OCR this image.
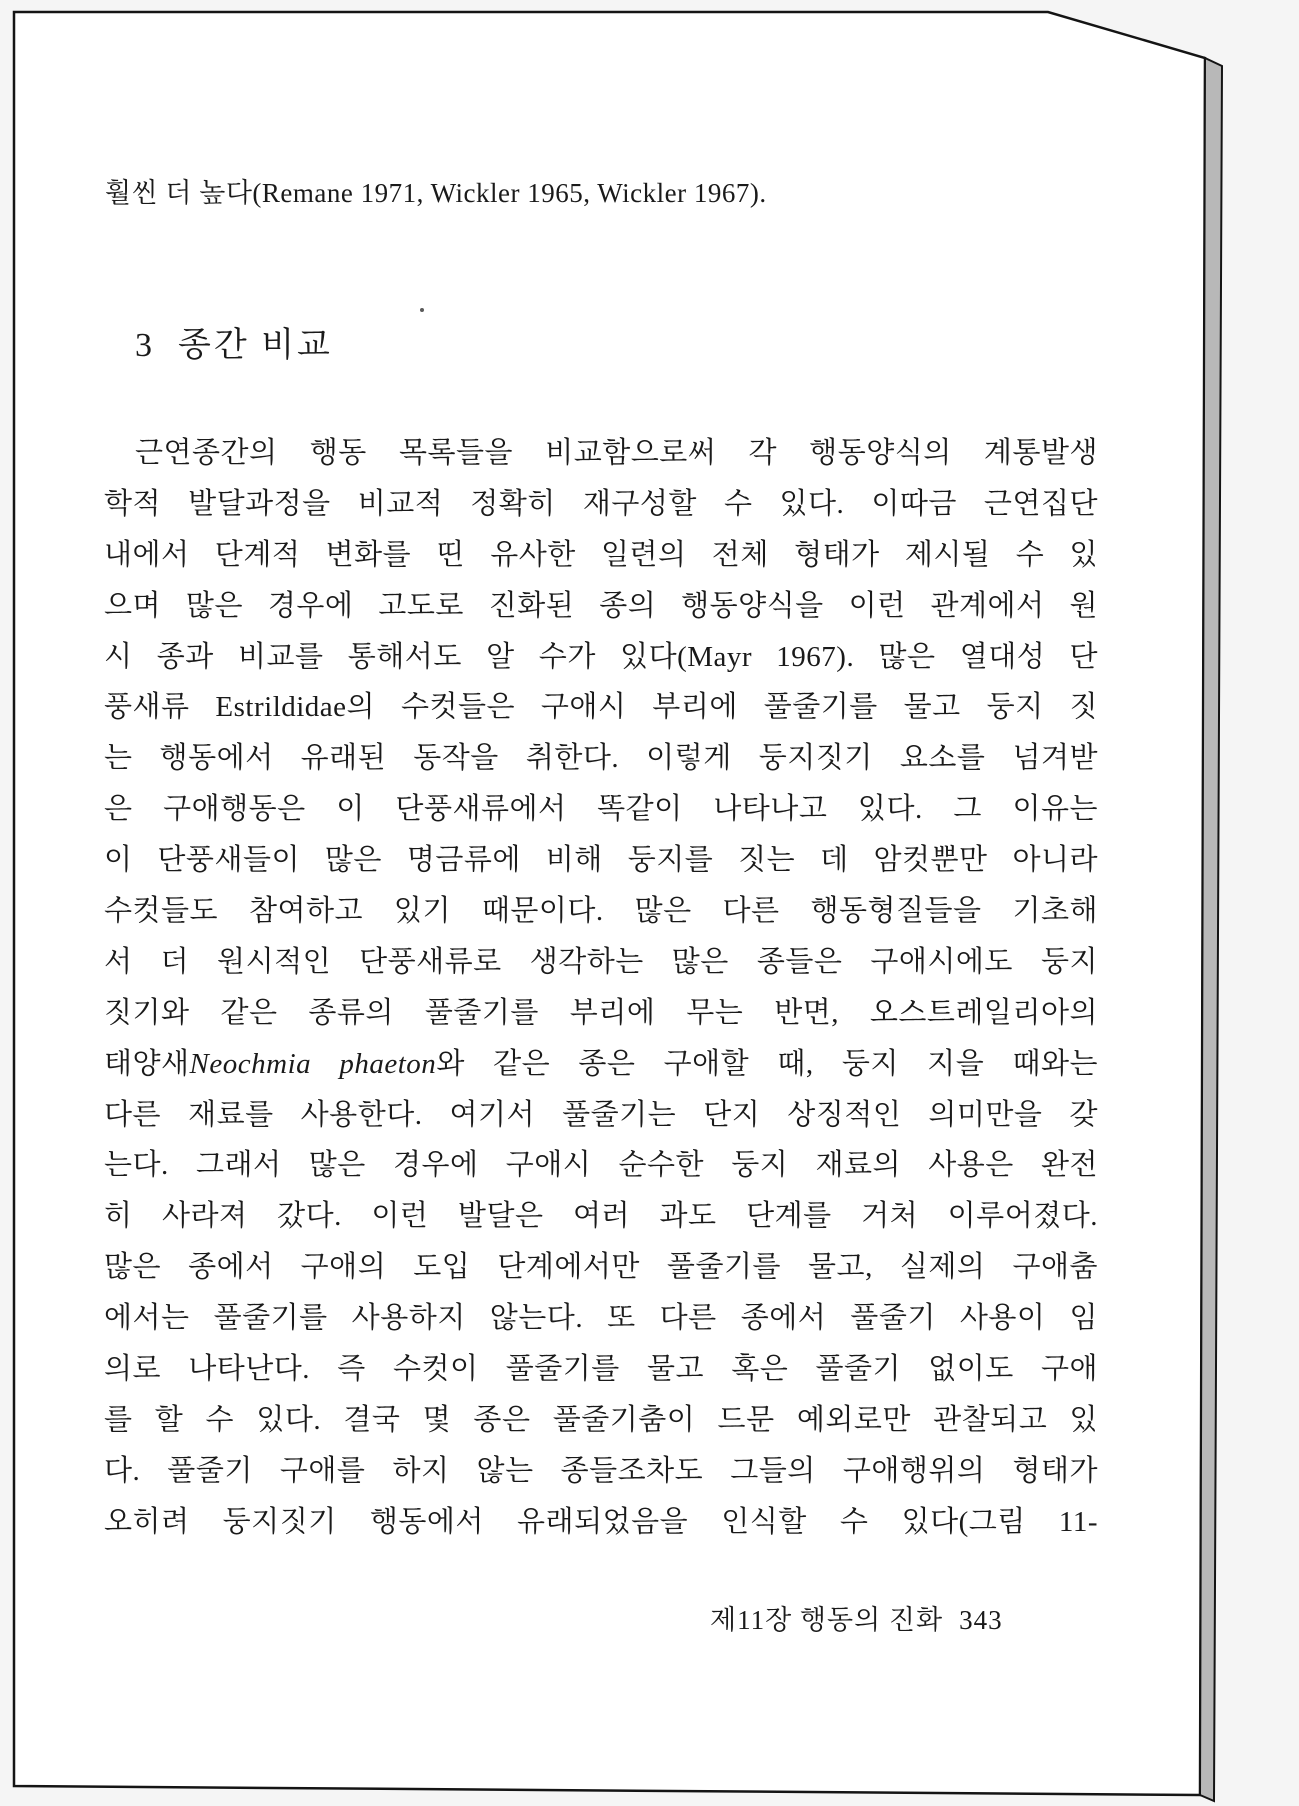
훨씬 더 높다(Remane 1971, Wickler 1965, Wickler 1967).
3 종간 비교
근연종간의 행동 목록들을 비교함으로써 각 행동양식의 계통발생
학적 발달과정을 비교적 정확히 재구성할 수 있다. 이따금 근연집단
내에서 단계적 변화를 띤 유사한 일련의 전체 형태가 제시될 수 있
으며 많은 경우에 고도로 진화된 종의 행동양식을 이런 관계에서 원
시 종과 비교를 통해서도 알 수가 있다(Mayr 1967). 많은 열대성 단
풍새류 Estrildidae의 수컷들은 구애시 부리에 풀줄기를 물고 둥지 짓
는 행동에서 유래된 동작을 취한다. 이렇게 둥지짓기 요소를 넘겨받
은 구애행동은 이 단풍새류에서 똑같이 나타나고 있다. 그 이유는
이 단풍새들이 많은 명금류에 비해 둥지를 짓는 데 암컷뿐만 아니라
수컷들도 참여하고 있기 때문이다. 많은 다른 행동형질들을 기초해
서 더 원시적인 단풍새류로 생각하는 많은 종들은 구애시에도 둥지
짓기와 같은 종류의 풀줄기를 부리에 무는 반면, 오스트레일리아의
태양새Neochmia phaeton와 같은 종은 구애할 때, 둥지 지을 때와는
다른 재료를 사용한다. 여기서 풀줄기는 단지 상징적인 의미만을 갖
는다. 그래서 많은 경우에 구애시 순수한 둥지 재료의 사용은 완전
히 사라져 갔다. 이런 발달은 여러 과도 단계를 거처 이루어졌다.
많은 종에서 구애의 도입 단계에서만 풀줄기를 물고, 실제의 구애춤
에서는 풀줄기를 사용하지 않는다. 또 다른 종에서 풀줄기 사용이 임
의로 나타난다. 즉 수컷이 풀줄기를 물고 혹은 풀줄기 없이도 구애
를 할 수 있다. 결국 몇 종은 풀줄기춤이 드문 예외로만 관찰되고 있
다. 풀줄기 구애를 하지 않는 종들조차도 그들의 구애행위의 형태가
오히려 둥지짓기 행동에서 유래되었음을 인식할 수 있다(그림 11-
제11장 행동의 진화 343
